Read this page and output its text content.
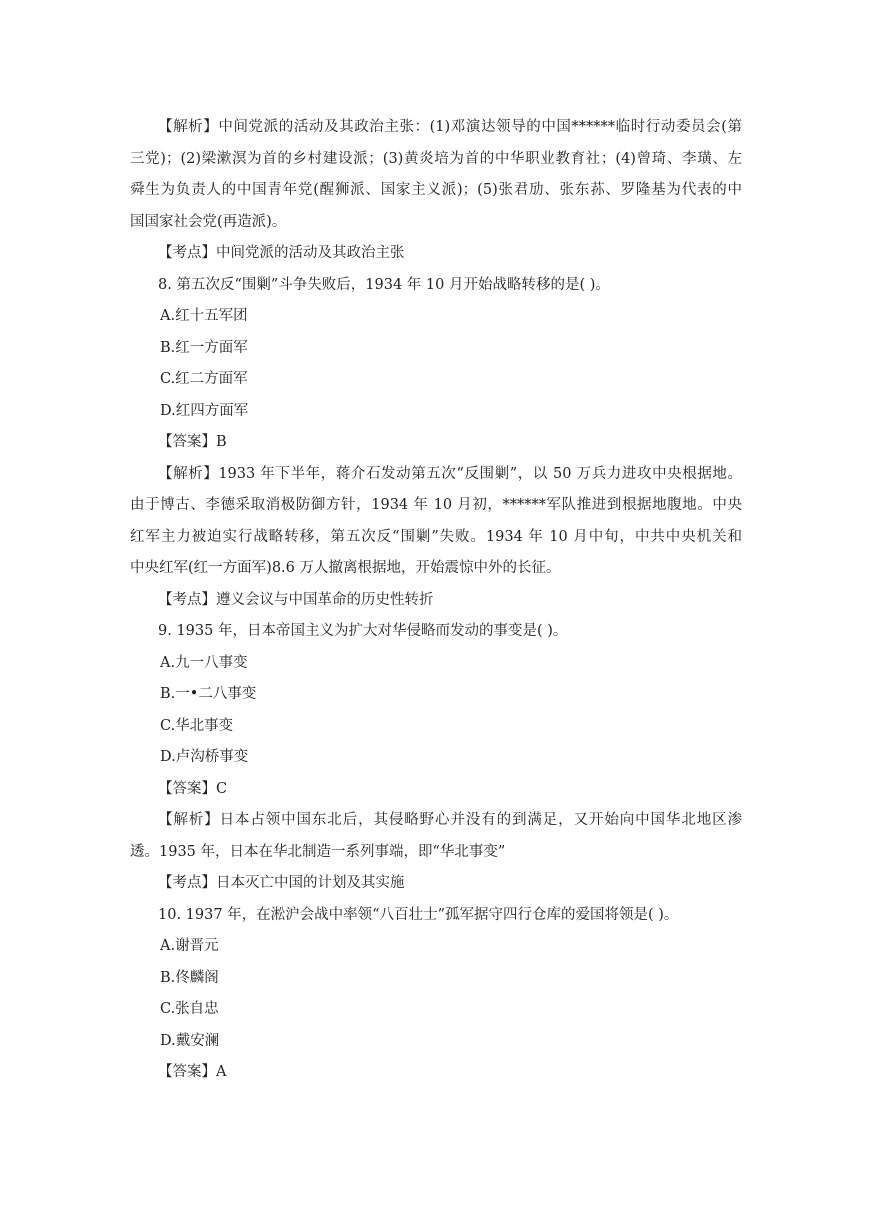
【解析】中间党派的活动及其政治主张：(1)邓演达领导的中国******临时行动委员会(第
三党)；(2)梁漱溟为首的乡村建设派；(3)黄炎培为首的中华职业教育社；(4)曾琦、李璜、左
舜生为负责人的中国青年党(醒狮派、国家主义派)；(5)张君劢、张东荪、罗隆基为代表的中
国国家社会党(再造派)。
【考点】中间党派的活动及其政治主张
8. 第五次反“围剿”斗争失败后，1934 年 10 月开始战略转移的是( )。
A.红十五军团
B.红一方面军
C.红二方面军
D.红四方面军
【答案】B
【解析】1933 年下半年，蒋介石发动第五次“反围剿”，以 50 万兵力进攻中央根据地。
由于博古、李德采取消极防御方针，1934 年 10 月初，******军队推进到根据地腹地。中央
红军主力被迫实行战略转移，第五次反“围剿”失败。1934 年 10 月中旬，中共中央机关和
中央红军(红一方面军)8.6 万人撤离根据地，开始震惊中外的长征。
【考点】遵义会议与中国革命的历史性转折
9. 1935 年，日本帝国主义为扩大对华侵略而发动的事变是( )。
A.九一八事变
B.一•二八事变
C.华北事变
D.卢沟桥事变
【答案】C
【解析】日本占领中国东北后，其侵略野心并没有的到满足，又开始向中国华北地区渗
透。1935 年，日本在华北制造一系列事端，即“华北事变”
【考点】日本灭亡中国的计划及其实施
10. 1937 年，在淞沪会战中率领“八百壮士”孤军据守四行仓库的爱国将领是( )。
A.谢晋元
B.佟麟阁
C.张自忠
D.戴安澜
【答案】A
